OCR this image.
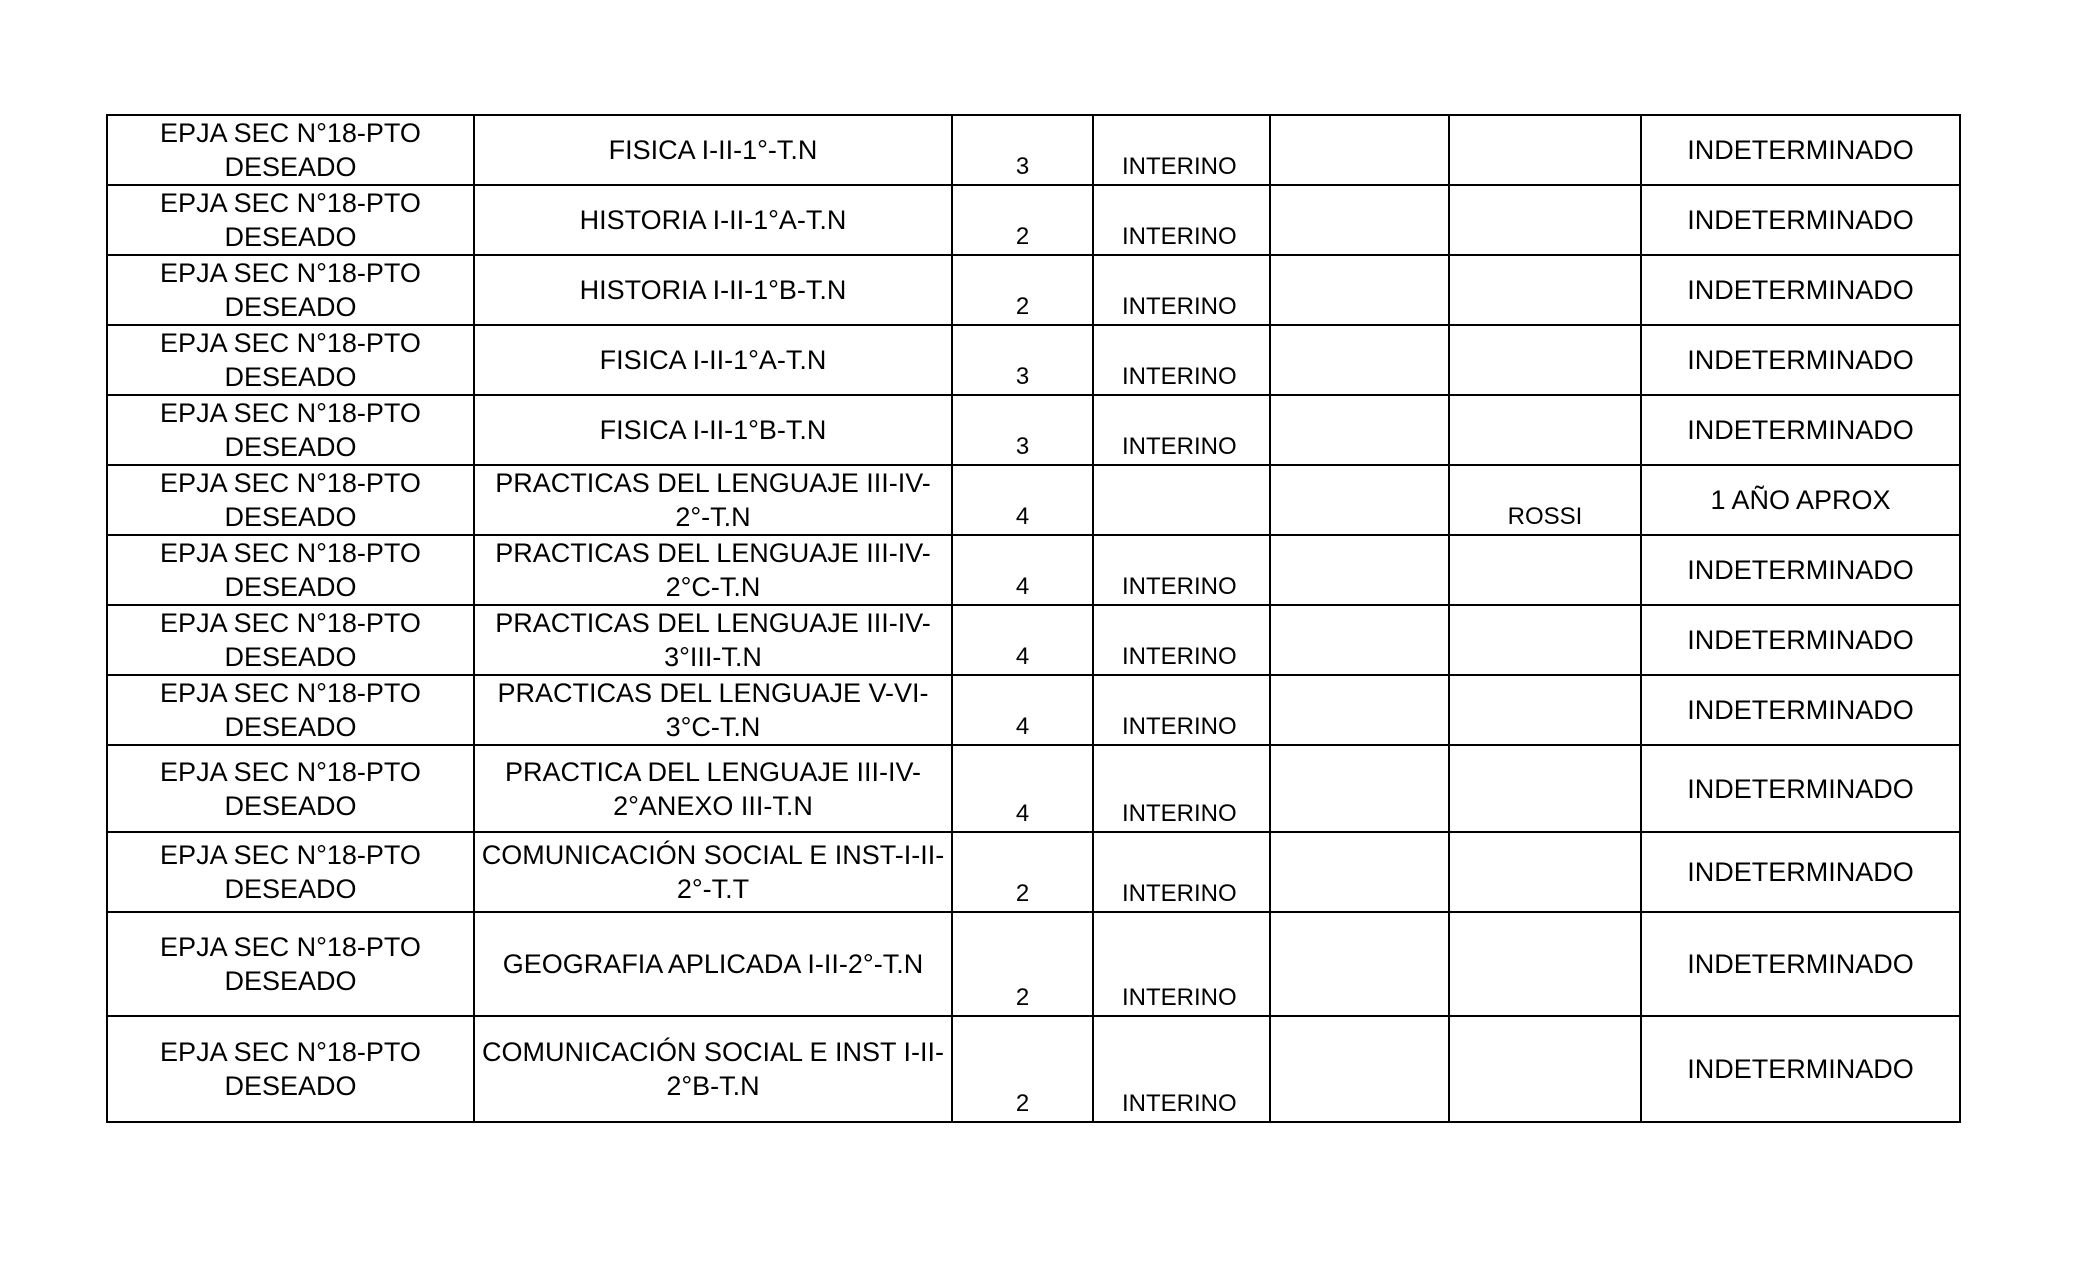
EPJA SEC N°18-PTO DESEADO	FISICA I-II-1°-T.N	3	INTERINO			INDETERMINADO
EPJA SEC N°18-PTO DESEADO	HISTORIA I-II-1°A-T.N	2	INTERINO			INDETERMINADO
EPJA SEC N°18-PTO DESEADO	HISTORIA I-II-1°B-T.N	2	INTERINO			INDETERMINADO
EPJA SEC N°18-PTO DESEADO	FISICA I-II-1°A-T.N	3	INTERINO			INDETERMINADO
EPJA SEC N°18-PTO DESEADO	FISICA I-II-1°B-T.N	3	INTERINO			INDETERMINADO
EPJA SEC N°18-PTO DESEADO	PRACTICAS DEL LENGUAJE III-IV- 2°-T.N	4			ROSSI	1 AÑO APROX
EPJA SEC N°18-PTO DESEADO	PRACTICAS DEL LENGUAJE III-IV- 2°C-T.N	4	INTERINO			INDETERMINADO
EPJA SEC N°18-PTO DESEADO	PRACTICAS DEL LENGUAJE III-IV- 3°III-T.N	4	INTERINO			INDETERMINADO
EPJA SEC N°18-PTO DESEADO	PRACTICAS DEL LENGUAJE V-VI- 3°C-T.N	4	INTERINO			INDETERMINADO
EPJA SEC N°18-PTO DESEADO	PRACTICA DEL LENGUAJE III-IV- 2°ANEXO III-T.N	4	INTERINO			INDETERMINADO
EPJA SEC N°18-PTO DESEADO	COMUNICACIÓN SOCIAL E INST-I-II- 2°-T.T	2	INTERINO			INDETERMINADO
EPJA SEC N°18-PTO DESEADO	GEOGRAFIA APLICADA I-II-2°-T.N	2	INTERINO			INDETERMINADO
EPJA SEC N°18-PTO DESEADO	COMUNICACIÓN SOCIAL E INST I-II- 2°B-T.N	2	INTERINO			INDETERMINADO
